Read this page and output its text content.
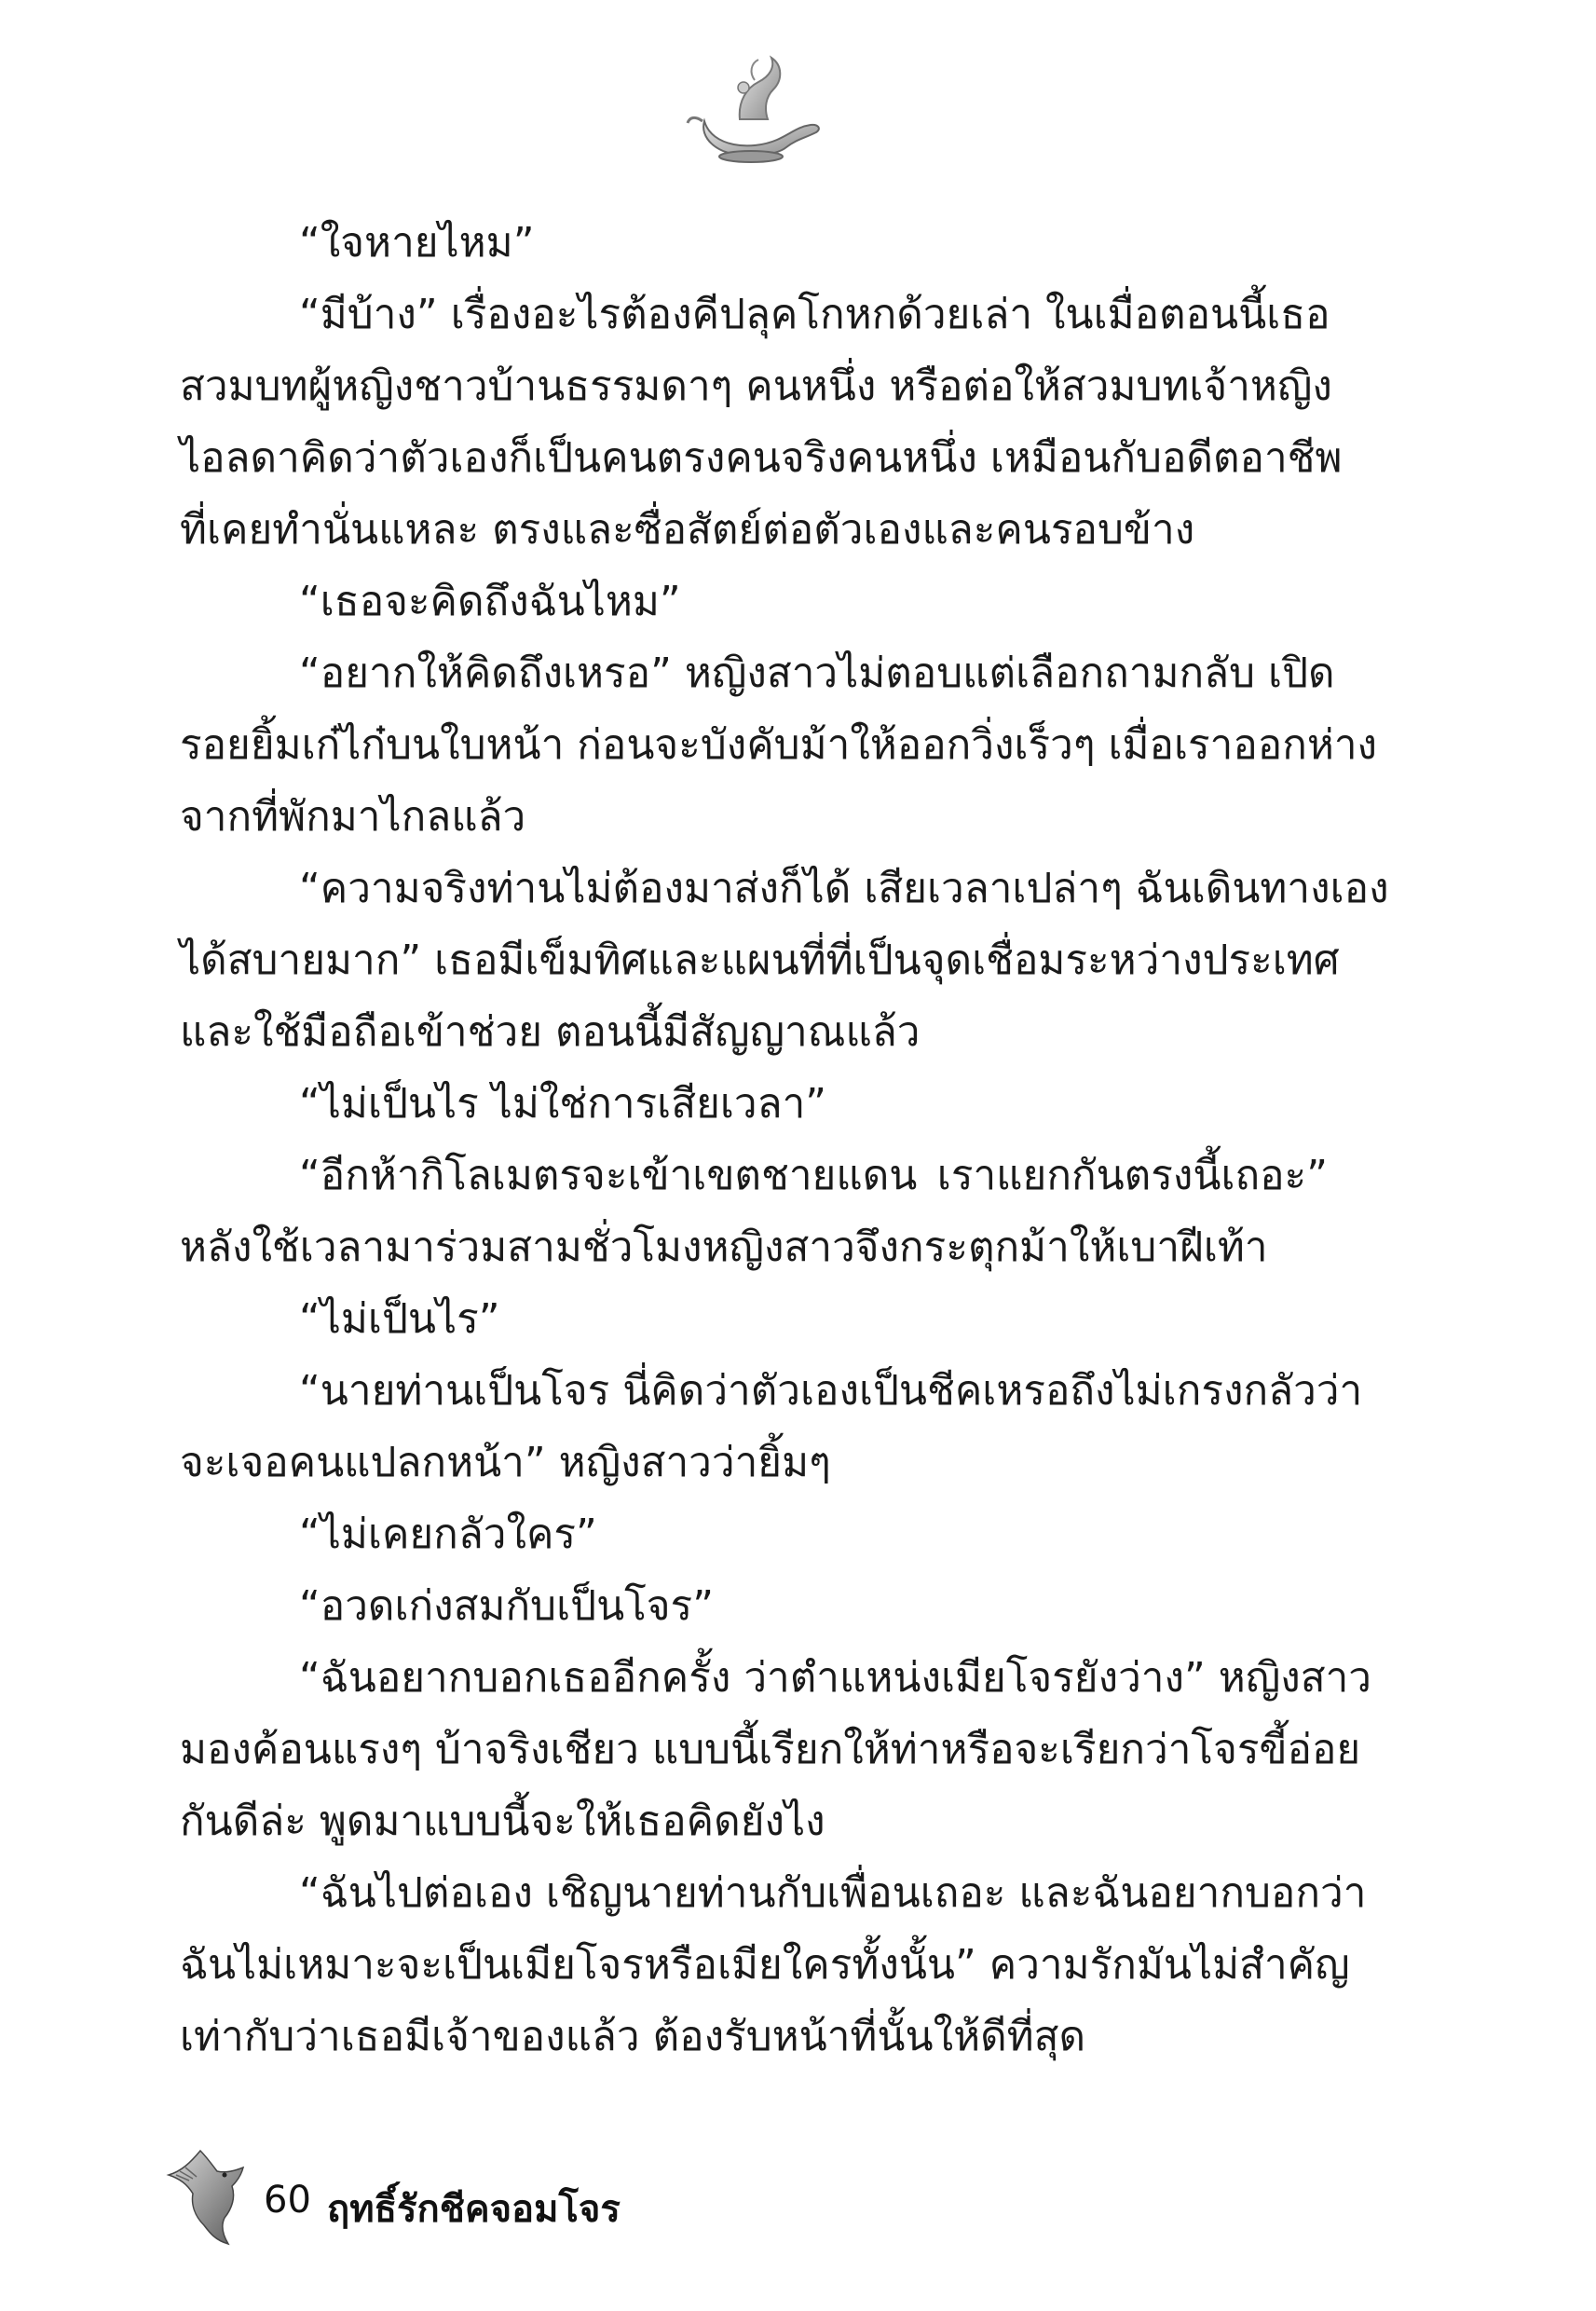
“ใจหายไหม”
“มีบ้าง” เรื่องอะไรต้องคีปลุคโกหกด้วยเล่า ในเมื่อตอนนี้เธอ
สวมบทผู้หญิงชาวบ้านธรรมดาๆ คนหนึ่ง หรือต่อให้สวมบทเจ้าหญิง
ไอลดาคิดว่าตัวเองก็เป็นคนตรงคนจริงคนหนึ่ง เหมือนกับอดีตอาชีพ
ที่เคยทำนั่นแหละ ตรงและซื่อสัตย์ต่อตัวเองและคนรอบข้าง
“เธอจะคิดถึงฉันไหม”
“อยากให้คิดถึงเหรอ” หญิงสาวไม่ตอบแต่เลือกถามกลับ เปิด
รอยยิ้มเก๋ไก๋บนใบหน้า ก่อนจะบังคับม้าให้ออกวิ่งเร็วๆ เมื่อเราออกห่าง
จากที่พักมาไกลแล้ว
“ความจริงท่านไม่ต้องมาส่งก็ได้ เสียเวลาเปล่าๆ ฉันเดินทางเอง
ได้สบายมาก” เธอมีเข็มทิศและแผนที่ที่เป็นจุดเชื่อมระหว่างประเทศ
และใช้มือถือเข้าช่วย ตอนนี้มีสัญญาณแล้ว
“ไม่เป็นไร ไม่ใช่การเสียเวลา”
“อีกห้ากิโลเมตรจะเข้าเขตชายแดน เราแยกกันตรงนี้เถอะ”
หลังใช้เวลามาร่วมสามชั่วโมงหญิงสาวจึงกระตุกม้าให้เบาฝีเท้า
“ไม่เป็นไร”
“นายท่านเป็นโจร นี่คิดว่าตัวเองเป็นชีคเหรอถึงไม่เกรงกลัวว่า
จะเจอคนแปลกหน้า” หญิงสาวว่ายิ้มๆ
“ไม่เคยกลัวใคร”
“อวดเก่งสมกับเป็นโจร”
“ฉันอยากบอกเธออีกครั้ง ว่าตำแหน่งเมียโจรยังว่าง” หญิงสาว
มองค้อนแรงๆ บ้าจริงเชียว แบบนี้เรียกให้ท่าหรือจะเรียกว่าโจรขี้อ่อย
กันดีล่ะ พูดมาแบบนี้จะให้เธอคิดยังไง
“ฉันไปต่อเอง เชิญนายท่านกับเพื่อนเถอะ และฉันอยากบอกว่า
ฉันไม่เหมาะจะเป็นเมียโจรหรือเมียใครทั้งนั้น” ความรักมันไม่สำคัญ
เท่ากับว่าเธอมีเจ้าของแล้ว ต้องรับหน้าที่นั้นให้ดีที่สุด
60 ฤทธิ์รักชีคจอมโจร
